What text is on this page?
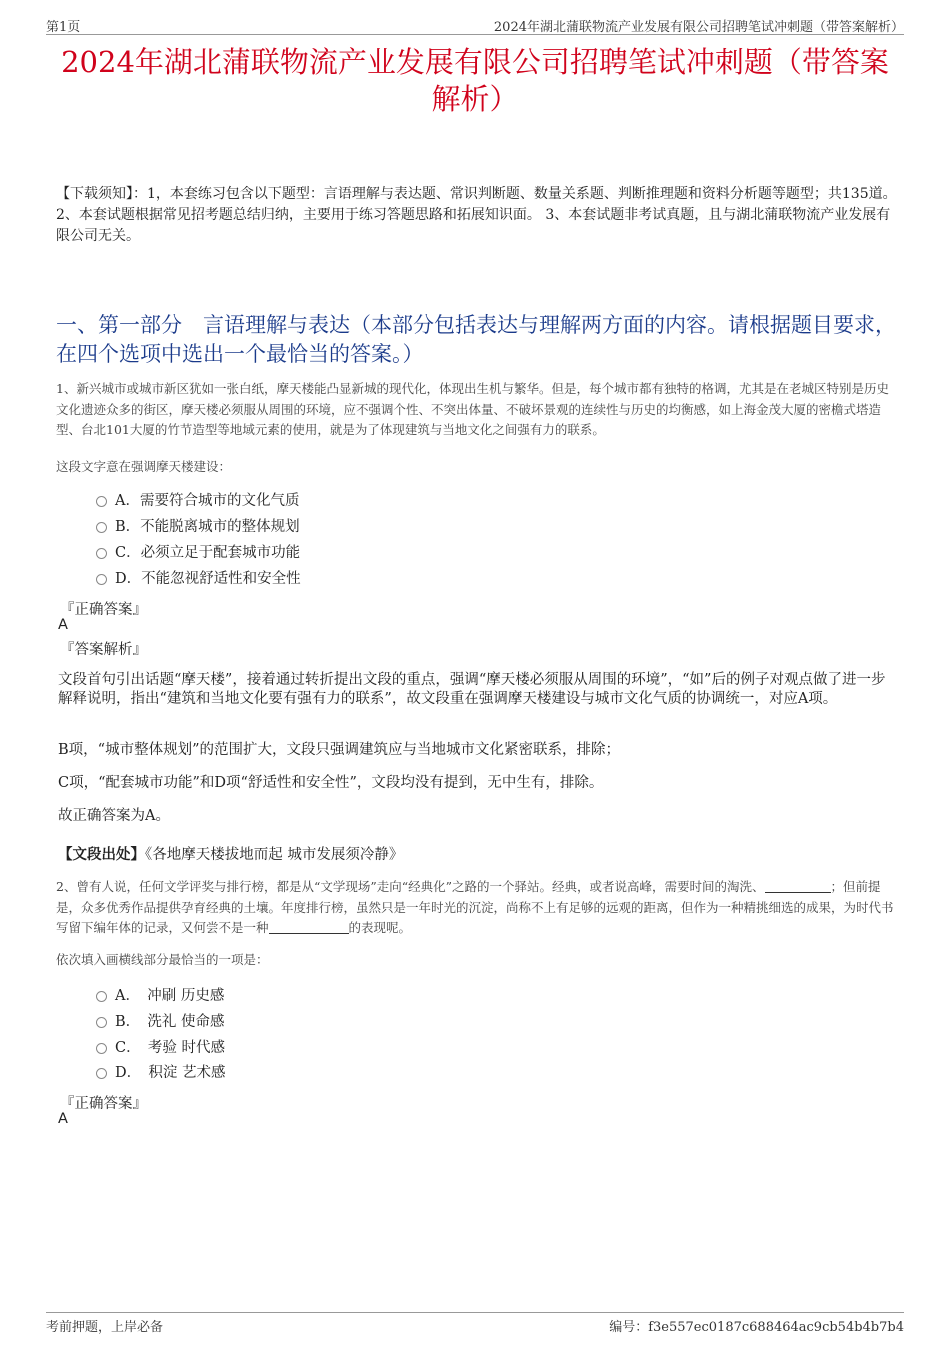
第1页	2024年湖北蒲联物流产业发展有限公司招聘笔试冲刺题（带答案解析）
2024年湖北蒲联物流产业发展有限公司招聘笔试冲刺题（带答案解析）
【下载须知】：1，本套练习包含以下题型：言语理解与表达题、常识判断题、数量关系题、判断推理题和资料分析题等题型；共135道。 2、本套试题根据常见招考题总结归纳，主要用于练习答题思路和拓展知识面。 3、本套试题非考试真题，且与湖北蒲联物流产业发展有限公司无关。
一、第一部分　言语理解与表达（本部分包括表达与理解两方面的内容。请根据题目要求，在四个选项中选出一个最恰当的答案。）
1、新兴城市或城市新区犹如一张白纸，摩天楼能凸显新城的现代化，体现出生机与繁华。但是，每个城市都有独特的格调，尤其是在老城区特别是历史文化遗迹众多的街区，摩天楼必须服从周围的环境，应不强调个性、不突出体量、不破坏景观的连续性与历史的均衡感，如上海金茂大厦的密檐式塔造型、台北101大厦的竹节造型等地域元素的使用，就是为了体现建筑与当地文化之间强有力的联系。
这段文字意在强调摩天楼建设：
A．需要符合城市的文化气质
B．不能脱离城市的整体规划
C．必须立足于配套城市功能
D．不能忽视舒适性和安全性
『正确答案』
A
『答案解析』
文段首句引出话题“摩天楼”，接着通过转折提出文段的重点，强调“摩天楼必须服从周围的环境”，“如”后的例子对观点做了进一步解释说明，指出“建筑和当地文化要有强有力的联系”，故文段重在强调摩天楼建设与城市文化气质的协调统一，对应A项。
B项，“城市整体规划”的范围扩大，文段只强调建筑应与当地城市文化紧密联系，排除；
C项，“配套城市功能”和D项“舒适性和安全性”，文段均没有提到，无中生有，排除。
故正确答案为A。
【文段出处】《各地摩天楼拔地而起 城市发展须冷静》
2、曾有人说，任何文学评奖与排行榜，都是从“文学现场”走向“经典化”之路的一个驿站。经典，或者说高峰，需要时间的淘洗、	；但前提是，众多优秀作品提供孕育经典的土壤。年度排行榜，虽然只是一年时光的沉淀，尚称不上有足够的远观的距离，但作为一种精挑细选的成果，为时代书写留下编年体的记录，又何尝不是一种	的表现呢。
依次填入画横线部分最恰当的一项是：
A．　冲刷 历史感
B．　洗礼 使命感
C．　考验 时代感
D．　积淀 艺术感
『正确答案』
A
考前押题，上岸必备	编号：f3e557ec0187c688464ac9cb54b4b7b4
